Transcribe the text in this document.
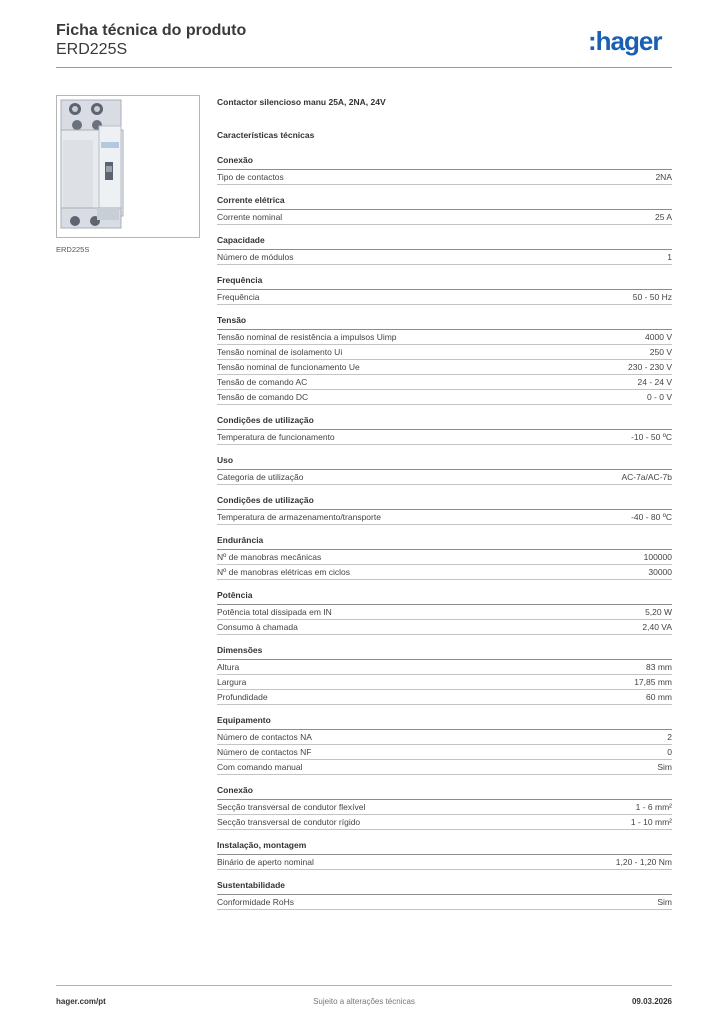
Ficha técnica do produto
ERD225S	:hager
ERD225S
Contactor silencioso manu 25A, 2NA, 24V
Características técnicas
Conexão
Tipo de contactos	2NA
Corrente elétrica
Corrente nominal	25 A
Capacidade
Número de módulos	1
Frequência
Frequência	50 - 50 Hz
Tensão
Tensão nominal de resistência a impulsos Uimp	4000 V
Tensão nominal de isolamento Ui	250 V
Tensão nominal de funcionamento Ue	230 - 230 V
Tensão de comando AC	24 - 24 V
Tensão de comando DC	0 - 0 V
Condições de utilização
Temperatura de funcionamento	-10 - 50 ºC
Uso
Categoria de utilização	AC-7a/AC-7b
Condições de utilização
Temperatura de armazenamento/transporte	-40 - 80 ºC
Endurância
Nº de manobras mecânicas	100000
Nº de manobras elétricas em ciclos	30000
Potência
Potência total dissipada em IN	5,20 W
Consumo à chamada	2,40 VA
Dimensões
Altura	83 mm
Largura	17,85 mm
Profundidade	60 mm
Equipamento
Número de contactos NA	2
Número de contactos NF	0
Com comando manual	Sim
Conexão
Secção transversal de condutor flexível	1 - 6 mm²
Secção transversal de condutor rígido	1 - 10 mm²
Instalação, montagem
Binário de aperto nominal	1,20 - 1,20 Nm
Sustentabilidade
Conformidade RoHs	Sim
hager.com/pt	Sujeito a alterações técnicas	09.03.2026
